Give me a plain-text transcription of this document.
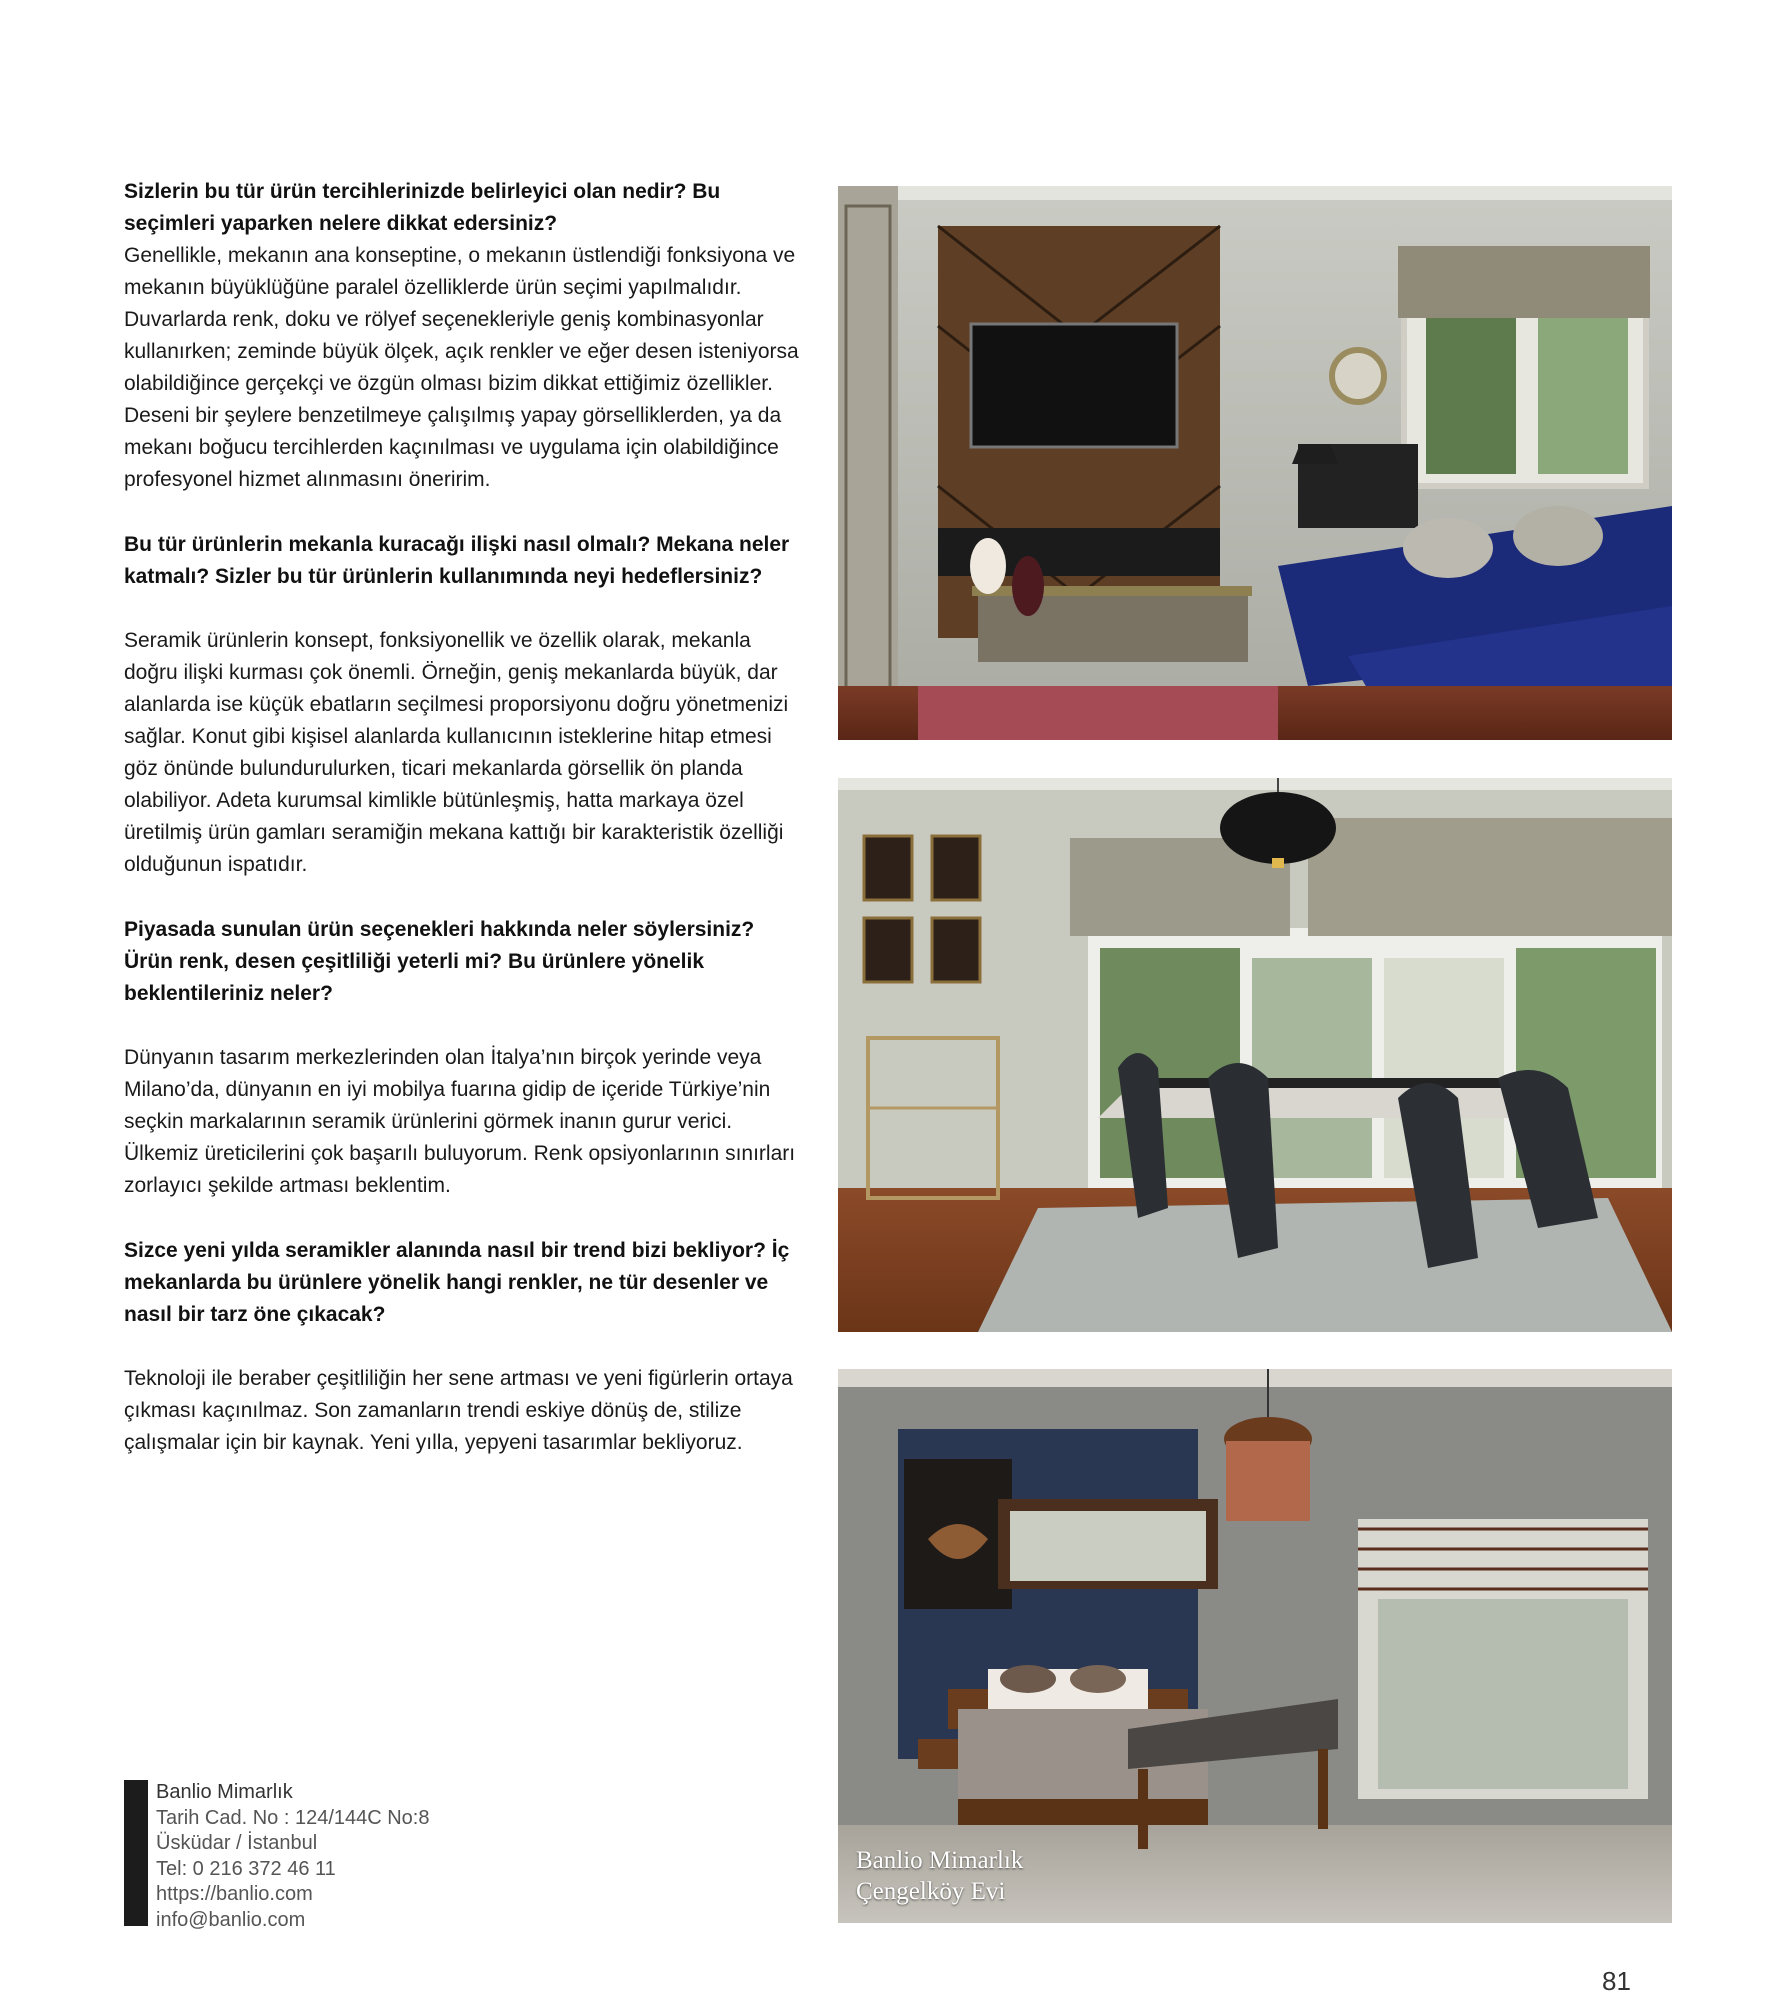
Sizlerin bu tür ürün tercihlerinizde belirleyici olan nedir? Bu seçimleri yaparken nelere dikkat edersiniz?

Genellikle, mekanın ana konseptine, o mekanın üstlendiği fonksiyona ve mekanın büyüklüğüne paralel özelliklerde ürün seçimi yapılmalıdır. Duvarlarda renk, doku ve rölyef seçenekleriyle geniş kombinasyonlar kullanırken; zeminde büyük ölçek, açık renkler ve eğer desen isteniyorsa olabildiğince gerçekçi ve özgün olması bizim dikkat ettiğimiz özellikler. Deseni bir şeylere benzetilmeye çalışılmış yapay görselliklerden, ya da mekanı boğucu tercihlerden kaçınılması ve uygulama için olabildiğince profesyonel hizmet alınmasını öneririm.

Bu tür ürünlerin mekanla kuracağı ilişki nasıl olmalı? Mekana neler katmalı? Sizler bu tür ürünlerin kullanımında neyi hedeflersiniz?

Seramik ürünlerin konsept, fonksiyonellik ve özellik olarak, mekanla doğru ilişki kurması çok önemli. Örneğin, geniş mekanlarda büyük, dar alanlarda ise küçük ebatların seçilmesi proporsiyonu doğru yönetmenizi sağlar. Konut gibi kişisel alanlarda kullanıcının isteklerine hitap etmesi göz önünde bulundurulurken, ticari mekanlarda görsellik ön planda olabiliyor. Adeta kurumsal kimlikle bütünleşmiş, hatta markaya özel üretilmiş ürün gamları seramiğin mekana kattığı bir karakteristik özelliği olduğunun ispatıdır.

Piyasada sunulan ürün seçenekleri hakkında neler söylersiniz? Ürün renk, desen çeşitliliği yeterli mi? Bu ürünlere yönelik beklentileriniz neler?

Dünyanın tasarım merkezlerinden olan İtalya’nın birçok yerinde veya Milano’da, dünyanın en iyi mobilya fuarına gidip de içeride Türkiye’nin seçkin markalarının seramik ürünlerini görmek inanın gurur verici. Ülkemiz üreticilerini çok başarılı buluyorum. Renk opsiyonlarının sınırları zorlayıcı şekilde artması beklentim.

Sizce yeni yılda seramikler alanında nasıl bir trend bizi bekliyor? İç mekanlarda bu ürünlere yönelik hangi renkler, ne tür desenler ve nasıl bir tarz öne çıkacak?

Teknoloji ile beraber çeşitliliğin her sene artması ve yeni figürlerin ortaya çıkması kaçınılmaz. Son zamanların trendi eskiye dönüş de, stilize çalışmalar için bir kaynak. Yeni yılla, yepyeni tasarımlar bekliyoruz.

Banlio Mimarlık
Çengelköy Evi
Banlio Mimarlık
Tarih Cad. No : 124/144C No:8
Üsküdar / İstanbul
Tel: 0 216 372 46 11
https://banlio.com
info@banlio.com
81
